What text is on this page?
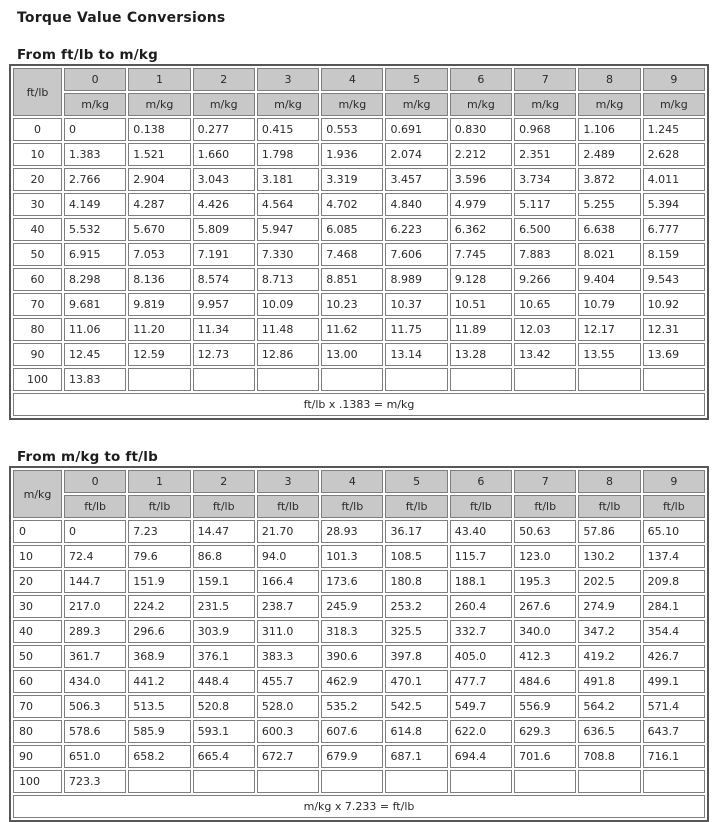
Torque Value Conversions
From ft/lb to m/kg
ft/lb	0	1	2	3	4	5	6	7	8	9
	m/kg	m/kg	m/kg	m/kg	m/kg	m/kg	m/kg	m/kg	m/kg	m/kg
0	0	0.138	0.277	0.415	0.553	0.691	0.830	0.968	1.106	1.245
10	1.383	1.521	1.660	1.798	1.936	2.074	2.212	2.351	2.489	2.628
20	2.766	2.904	3.043	3.181	3.319	3.457	3.596	3.734	3.872	4.011
30	4.149	4.287	4.426	4.564	4.702	4.840	4.979	5.117	5.255	5.394
40	5.532	5.670	5.809	5.947	6.085	6.223	6.362	6.500	6.638	6.777
50	6.915	7.053	7.191	7.330	7.468	7.606	7.745	7.883	8.021	8.159
60	8.298	8.136	8.574	8.713	8.851	8.989	9.128	9.266	9.404	9.543
70	9.681	9.819	9.957	10.09	10.23	10.37	10.51	10.65	10.79	10.92
80	11.06	11.20	11.34	11.48	11.62	11.75	11.89	12.03	12.17	12.31
90	12.45	12.59	12.73	12.86	13.00	13.14	13.28	13.42	13.55	13.69
100	13.83									
ft/lb x .1383 = m/kg										
From m/kg to ft/lb
m/kg	0	1	2	3	4	5	6	7	8	9
	ft/lb	ft/lb	ft/lb	ft/lb	ft/lb	ft/lb	ft/lb	ft/lb	ft/lb	ft/lb
0	0	7.23	14.47	21.70	28.93	36.17	43.40	50.63	57.86	65.10
10	72.4	79.6	86.8	94.0	101.3	108.5	115.7	123.0	130.2	137.4
20	144.7	151.9	159.1	166.4	173.6	180.8	188.1	195.3	202.5	209.8
30	217.0	224.2	231.5	238.7	245.9	253.2	260.4	267.6	274.9	284.1
40	289.3	296.6	303.9	311.0	318.3	325.5	332.7	340.0	347.2	354.4
50	361.7	368.9	376.1	383.3	390.6	397.8	405.0	412.3	419.2	426.7
60	434.0	441.2	448.4	455.7	462.9	470.1	477.7	484.6	491.8	499.1
70	506.3	513.5	520.8	528.0	535.2	542.5	549.7	556.9	564.2	571.4
80	578.6	585.9	593.1	600.3	607.6	614.8	622.0	629.3	636.5	643.7
90	651.0	658.2	665.4	672.7	679.9	687.1	694.4	701.6	708.8	716.1
100	723.3									
m/kg x 7.233 = ft/lb										
